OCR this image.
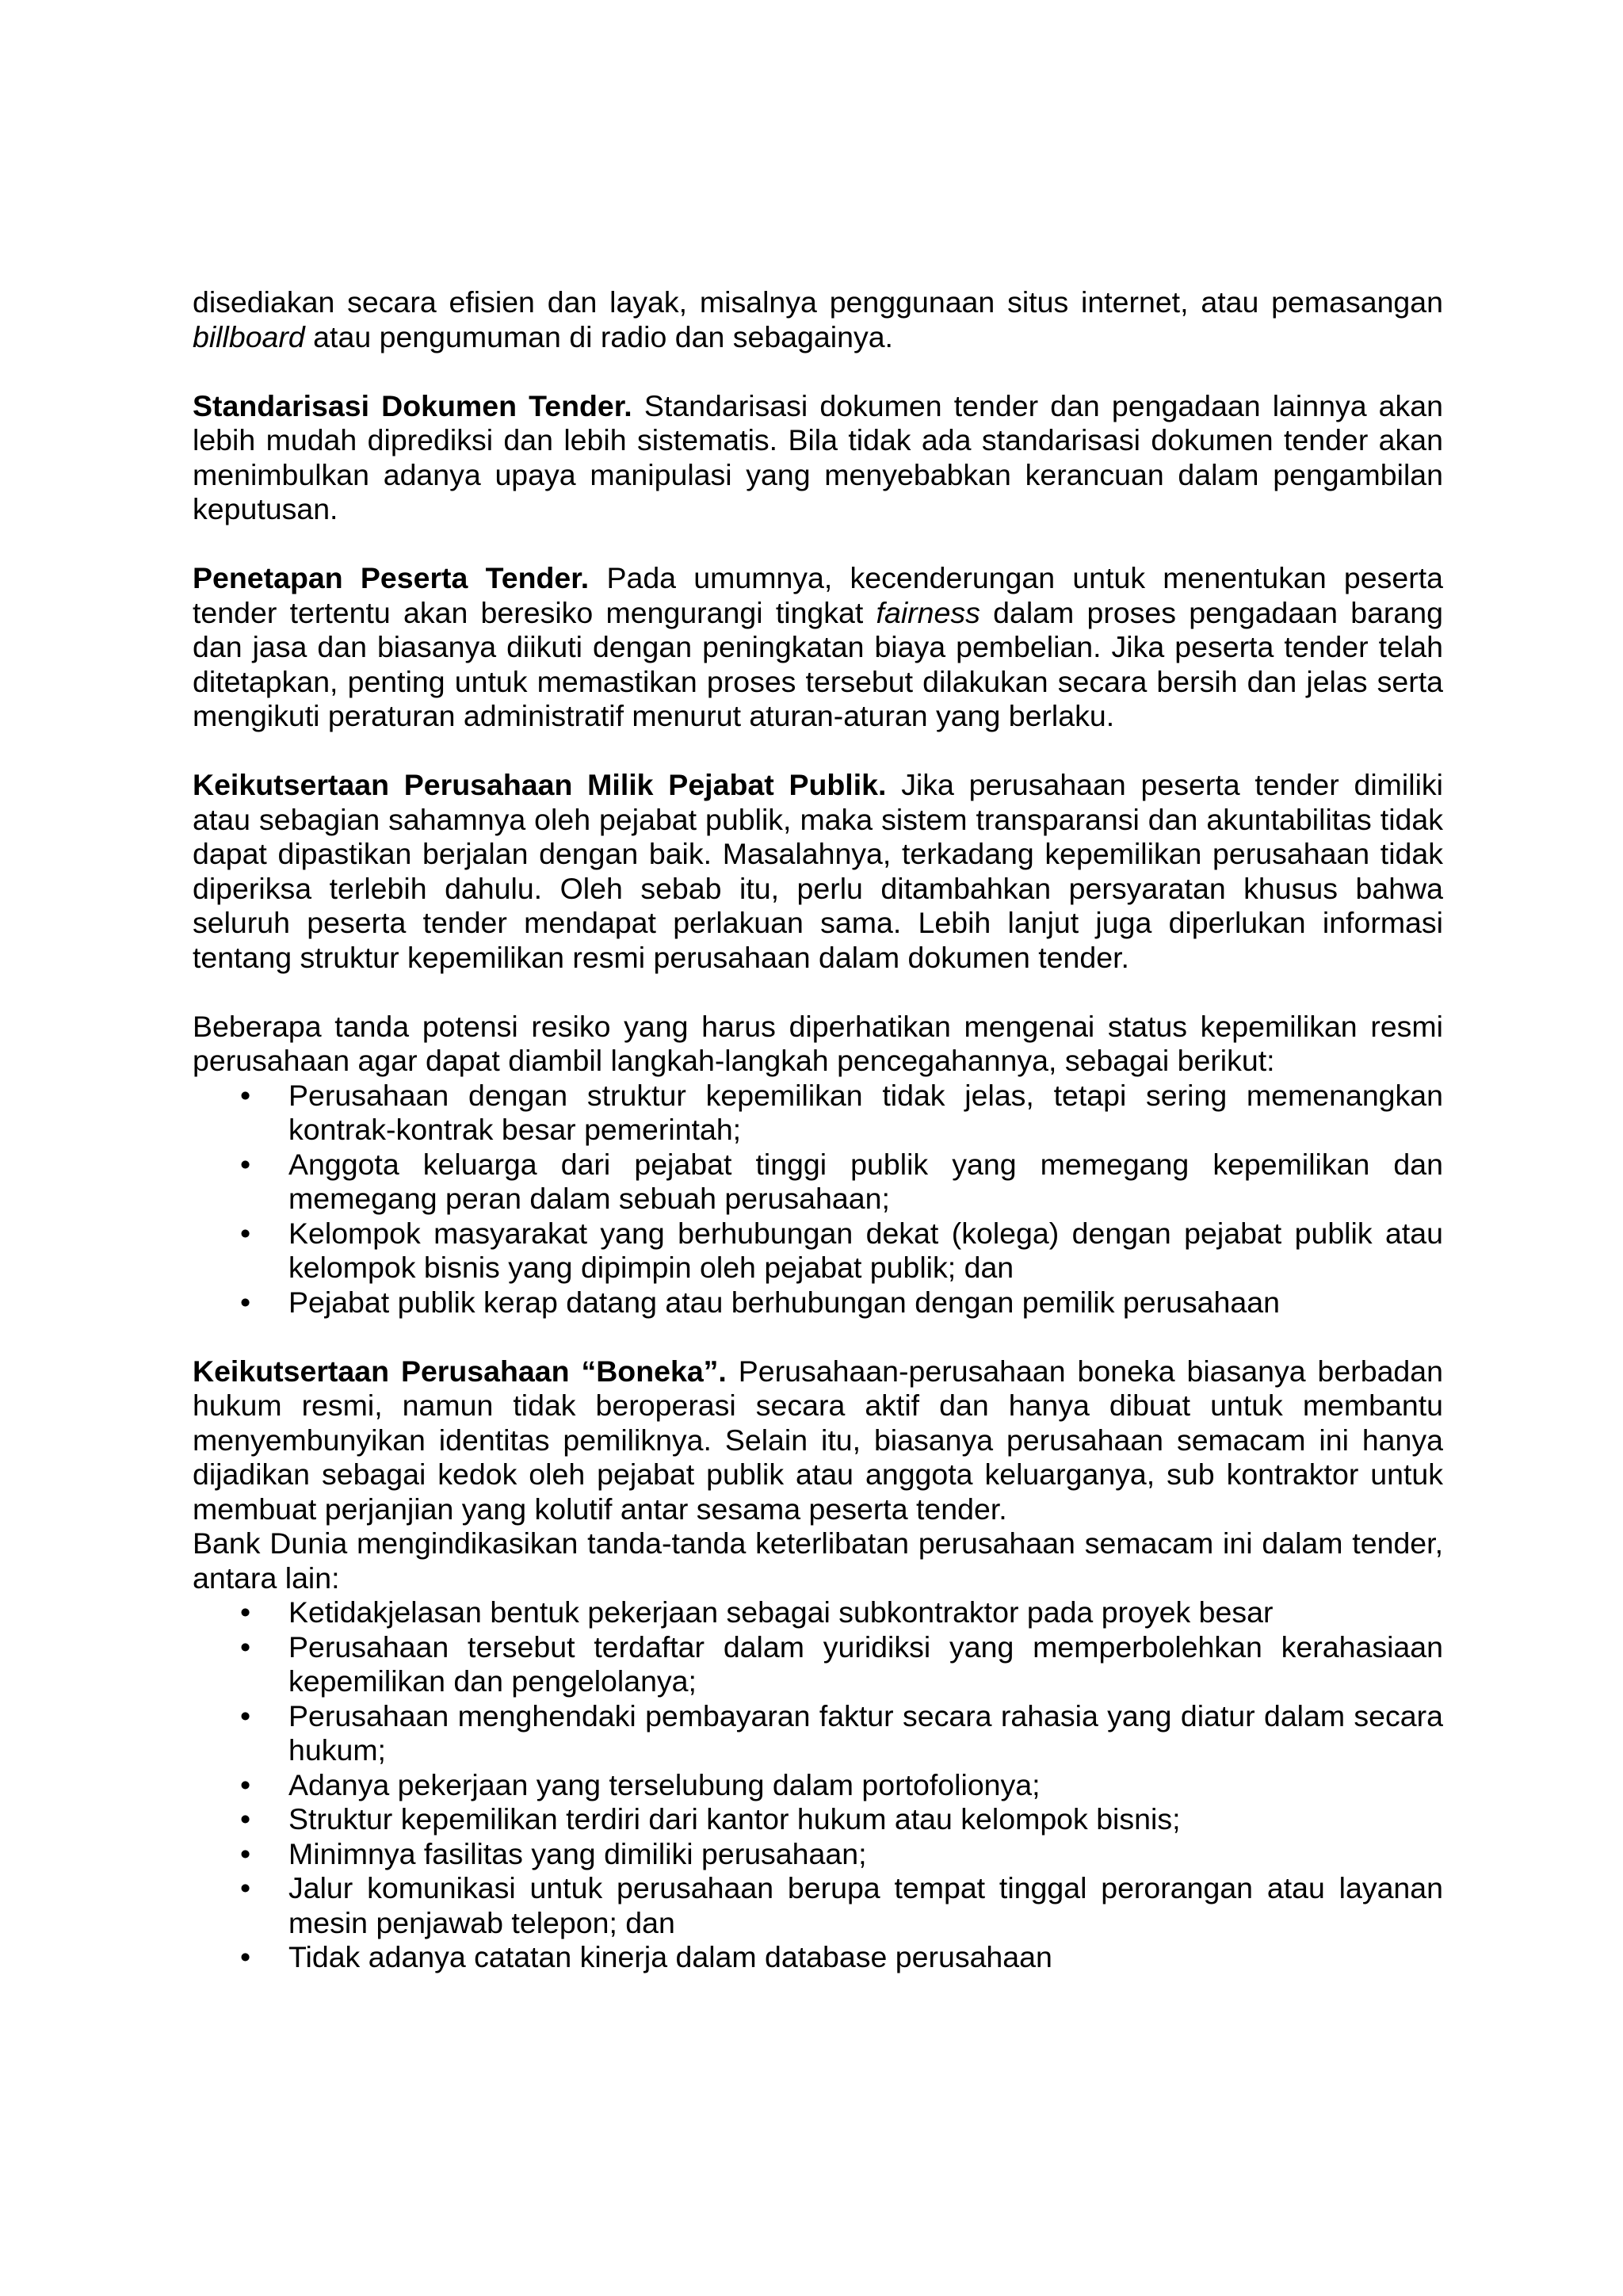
disediakan secara efisien dan layak, misalnya penggunaan situs internet, atau pemasangan billboard atau pengumuman di radio dan sebagainya.

Standarisasi Dokumen Tender. Standarisasi dokumen tender dan pengadaan lainnya akan lebih mudah diprediksi dan lebih sistematis. Bila tidak ada standarisasi dokumen tender akan menimbulkan adanya upaya manipulasi yang menyebabkan kerancuan dalam pengambilan keputusan.

Penetapan Peserta Tender. Pada umumnya, kecenderungan untuk menentukan peserta tender tertentu akan beresiko mengurangi tingkat fairness dalam proses pengadaan barang dan jasa dan biasanya diikuti dengan peningkatan biaya pembelian. Jika peserta tender telah ditetapkan, penting untuk memastikan proses tersebut dilakukan secara bersih dan jelas serta mengikuti peraturan administratif menurut aturan-aturan yang berlaku.

Keikutsertaan Perusahaan Milik Pejabat Publik. Jika perusahaan peserta tender dimiliki atau sebagian sahamnya oleh pejabat publik, maka sistem transparansi dan akuntabilitas tidak dapat dipastikan berjalan dengan baik. Masalahnya, terkadang kepemilikan perusahaan tidak diperiksa terlebih dahulu. Oleh sebab itu, perlu ditambahkan persyaratan khusus bahwa seluruh peserta tender mendapat perlakuan sama. Lebih lanjut juga diperlukan informasi tentang struktur kepemilikan resmi perusahaan dalam dokumen tender.

Beberapa tanda potensi resiko yang harus diperhatikan mengenai status kepemilikan resmi perusahaan agar dapat diambil langkah-langkah pencegahannya, sebagai berikut:

• Perusahaan dengan struktur kepemilikan tidak jelas, tetapi sering memenangkan kontrak-kontrak besar pemerintah;
• Anggota keluarga dari pejabat tinggi publik yang memegang kepemilikan dan memegang peran dalam sebuah perusahaan;
• Kelompok masyarakat yang berhubungan dekat (kolega) dengan pejabat publik atau kelompok bisnis yang dipimpin oleh pejabat publik; dan
• Pejabat publik kerap datang atau berhubungan dengan pemilik perusahaan

Keikutsertaan Perusahaan “Boneka”. Perusahaan-perusahaan boneka biasanya berbadan hukum resmi, namun tidak beroperasi secara aktif dan hanya dibuat untuk membantu menyembunyikan identitas pemiliknya. Selain itu, biasanya perusahaan semacam ini hanya dijadikan sebagai kedok oleh pejabat publik atau anggota keluarganya, sub kontraktor untuk membuat perjanjian yang kolutif antar sesama peserta tender.

Bank Dunia mengindikasikan tanda-tanda keterlibatan perusahaan semacam ini dalam tender, antara lain:

• Ketidakjelasan bentuk pekerjaan sebagai subkontraktor pada proyek besar
• Perusahaan tersebut terdaftar dalam yuridiksi yang memperbolehkan kerahasiaan kepemilikan dan pengelolanya;
• Perusahaan menghendaki pembayaran faktur secara rahasia yang diatur dalam secara hukum;
• Adanya pekerjaan yang terselubung dalam portofolionya;
• Struktur kepemilikan terdiri dari kantor hukum atau kelompok bisnis;
• Minimnya fasilitas yang dimiliki perusahaan;
• Jalur komunikasi untuk perusahaan berupa tempat tinggal perorangan atau layanan mesin penjawab telepon; dan
• Tidak adanya catatan kinerja dalam database perusahaan
